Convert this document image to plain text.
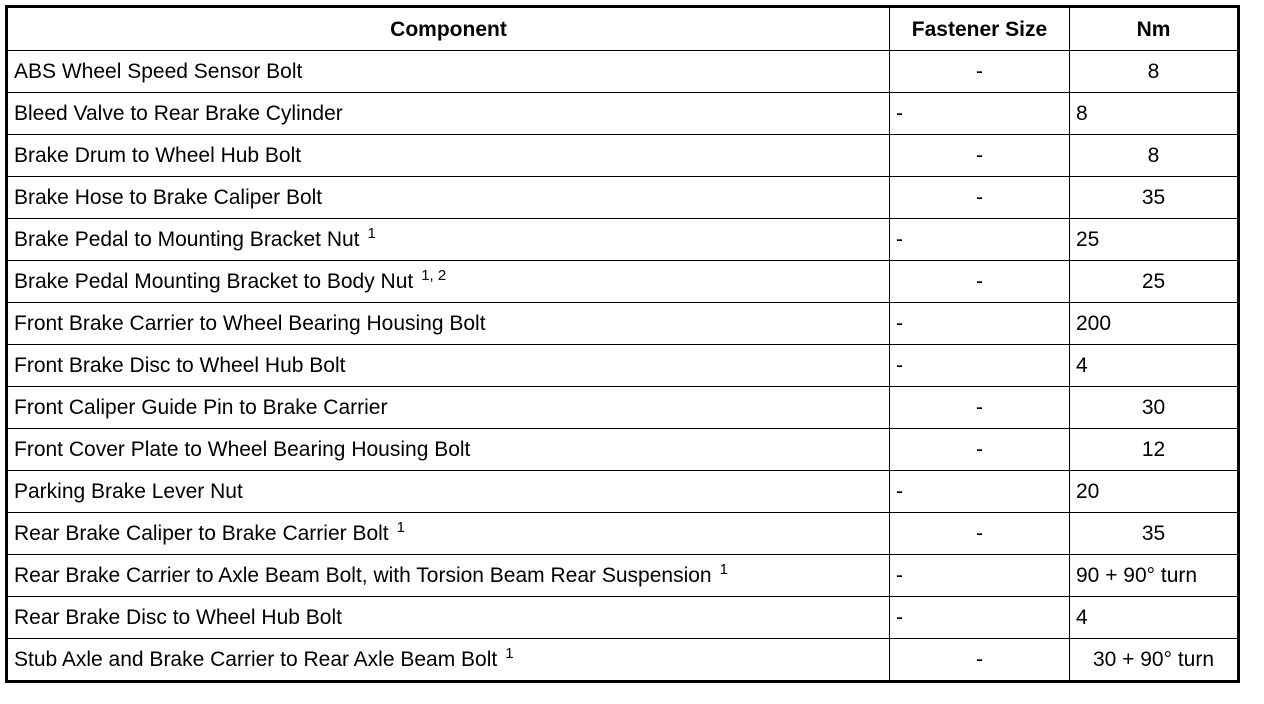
Component	Fastener Size	Nm
ABS Wheel Speed Sensor Bolt	-	8
Bleed Valve to Rear Brake Cylinder	-	8
Brake Drum to Wheel Hub Bolt	-	8
Brake Hose to Brake Caliper Bolt	-	35
Brake Pedal to Mounting Bracket Nut $^1$	-	25
Brake Pedal Mounting Bracket to Body Nut $^{1, 2}$	-	25
Front Brake Carrier to Wheel Bearing Housing Bolt	-	200
Front Brake Disc to Wheel Hub Bolt	-	4
Front Caliper Guide Pin to Brake Carrier	-	30
Front Cover Plate to Wheel Bearing Housing Bolt	-	12
Parking Brake Lever Nut	-	20
Rear Brake Caliper to Brake Carrier Bolt $^1$	-	35
Rear Brake Carrier to Axle Beam Bolt, with Torsion Beam Rear Suspension $^1$	-	90 + 90° turn
Rear Brake Disc to Wheel Hub Bolt	-	4
Stub Axle and Brake Carrier to Rear Axle Beam Bolt $^1$	-	30 + 90° turn
